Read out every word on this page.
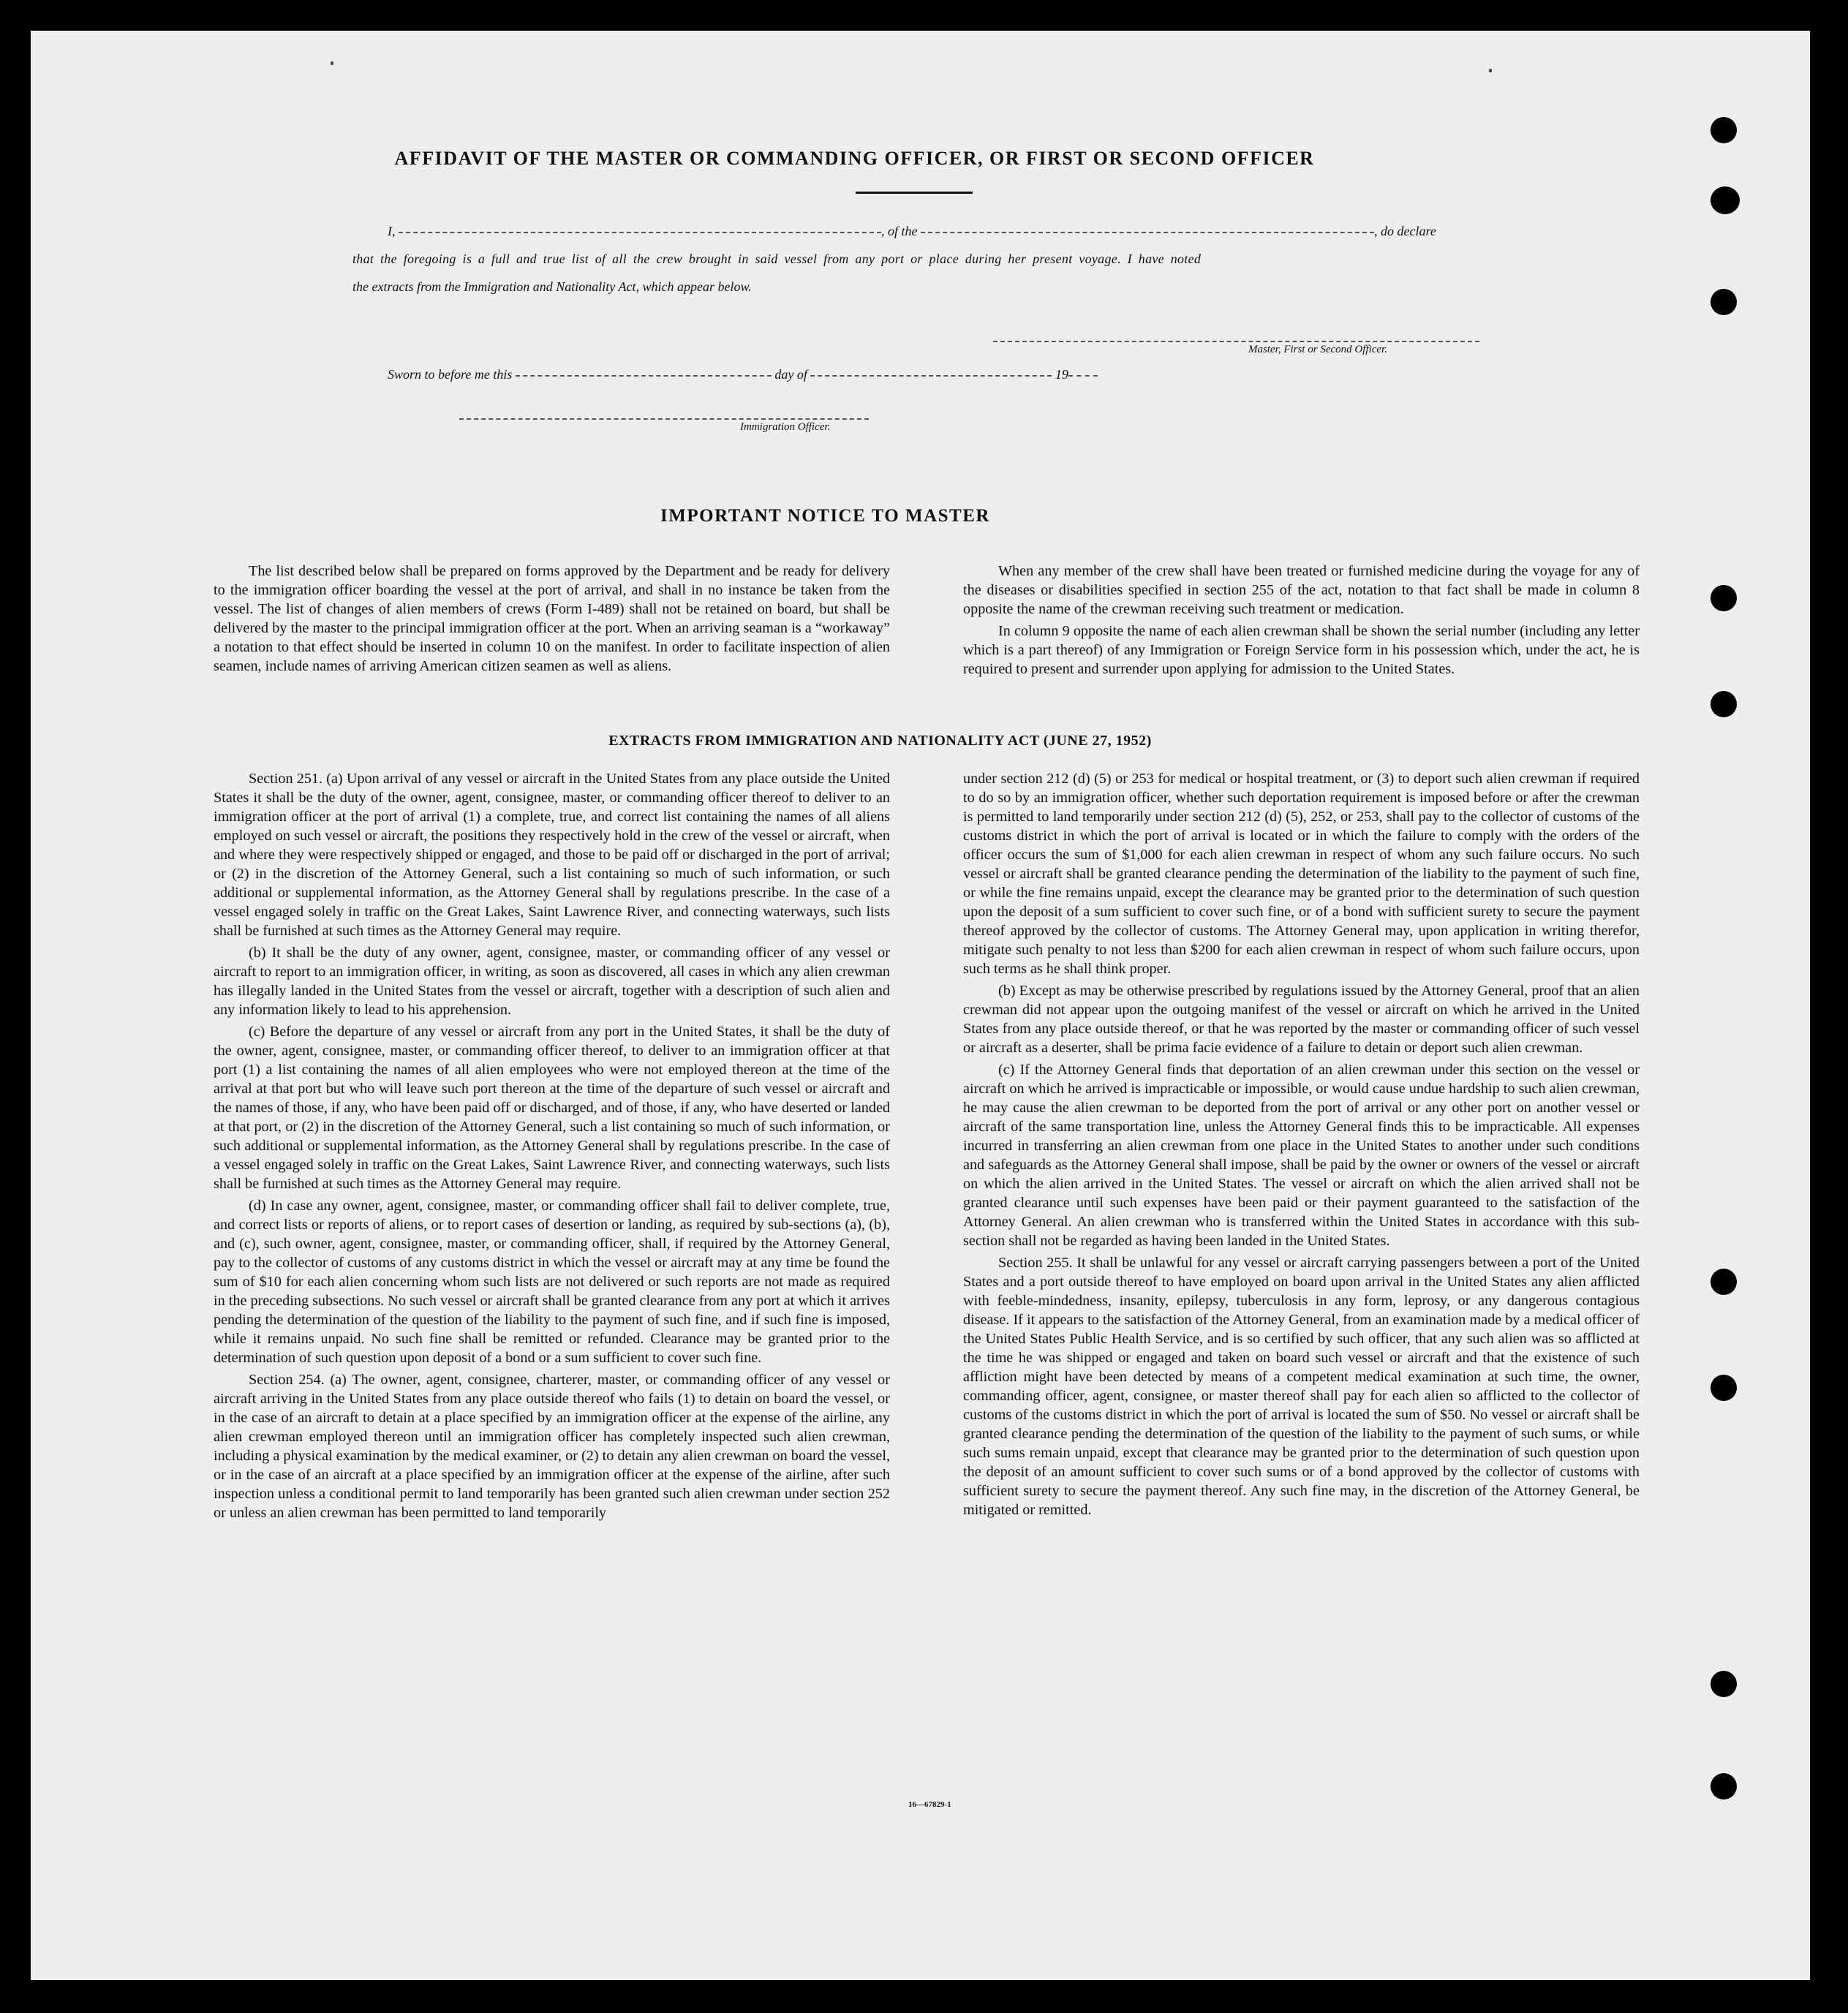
AFFIDAVIT OF THE MASTER OR COMMANDING OFFICER, OR FIRST OR SECOND OFFICER
I,	, of the	, do declare
that the foregoing is a full and true list of all the crew brought in said vessel from any port or place during her present voyage. I have noted
the extracts from the Immigration and Nationality Act, which appear below.
Master, First or Second Officer.
Sworn to before me this	day of	19
Immigration Officer.
IMPORTANT NOTICE TO MASTER

The list described below shall be prepared on forms approved by the Department and be ready for delivery to the immigration officer boarding the vessel at the port of arrival, and shall in no instance be taken from the vessel. The list of changes of alien members of crews (Form I-489) shall not be retained on board, but shall be delivered by the master to the principal immigration officer at the port. When an arriving seaman is a “workaway” a notation to that effect should be inserted in column 10 on the manifest. In order to facilitate inspection of alien seamen, include names of arriving American citizen seamen as well as aliens.

When any member of the crew shall have been treated or furnished medicine during the voyage for any of the diseases or disabilities specified in section 255 of the act, notation to that fact shall be made in column 8 opposite the name of the crewman receiving such treatment or medication.

In column 9 opposite the name of each alien crewman shall be shown the serial number (including any letter which is a part thereof) of any Immigration or Foreign Service form in his possession which, under the act, he is required to present and surrender upon applying for admission to the United States.

EXTRACTS FROM IMMIGRATION AND NATIONALITY ACT (JUNE 27, 1952)

Section 251. (a) Upon arrival of any vessel or aircraft in the United States from any place outside the United States it shall be the duty of the owner, agent, consignee, master, or commanding officer thereof to deliver to an immigration officer at the port of arrival (1) a complete, true, and correct list containing the names of all aliens employed on such vessel or aircraft, the positions they respectively hold in the crew of the vessel or aircraft, when and where they were respectively shipped or engaged, and those to be paid off or discharged in the port of arrival; or (2) in the discretion of the Attorney General, such a list containing so much of such information, or such additional or supplemental information, as the Attorney General shall by regulations prescribe. In the case of a vessel engaged solely in traffic on the Great Lakes, Saint Lawrence River, and connecting waterways, such lists shall be furnished at such times as the Attorney General may require.

(b) It shall be the duty of any owner, agent, consignee, master, or commanding officer of any vessel or aircraft to report to an immigration officer, in writing, as soon as discovered, all cases in which any alien crewman has illegally landed in the United States from the vessel or aircraft, together with a description of such alien and any information likely to lead to his apprehension.

(c) Before the departure of any vessel or aircraft from any port in the United States, it shall be the duty of the owner, agent, consignee, master, or commanding officer thereof, to deliver to an immigration officer at that port (1) a list containing the names of all alien employees who were not employed thereon at the time of the arrival at that port but who will leave such port thereon at the time of the departure of such vessel or aircraft and the names of those, if any, who have been paid off or discharged, and of those, if any, who have deserted or landed at that port, or (2) in the discretion of the Attorney General, such a list containing so much of such information, or such additional or supplemental information, as the Attorney General shall by regulations prescribe. In the case of a vessel engaged solely in traffic on the Great Lakes, Saint Lawrence River, and connecting waterways, such lists shall be furnished at such times as the Attorney General may require.

(d) In case any owner, agent, consignee, master, or commanding officer shall fail to deliver complete, true, and correct lists or reports of aliens, or to report cases of desertion or landing, as required by sub-sections (a), (b), and (c), such owner, agent, consignee, master, or commanding officer, shall, if required by the Attorney General, pay to the collector of customs of any customs district in which the vessel or aircraft may at any time be found the sum of $10 for each alien concerning whom such lists are not delivered or such reports are not made as required in the preceding subsections. No such vessel or aircraft shall be granted clearance from any port at which it arrives pending the determination of the question of the liability to the payment of such fine, and if such fine is imposed, while it remains unpaid. No such fine shall be remitted or refunded. Clearance may be granted prior to the determination of such question upon deposit of a bond or a sum sufficient to cover such fine.

Section 254. (a) The owner, agent, consignee, charterer, master, or commanding officer of any vessel or aircraft arriving in the United States from any place outside thereof who fails (1) to detain on board the vessel, or in the case of an aircraft to detain at a place specified by an immigration officer at the expense of the airline, any alien crewman employed thereon until an immigration officer has completely inspected such alien crewman, including a physical examination by the medical examiner, or (2) to detain any alien crewman on board the vessel, or in the case of an aircraft at a place specified by an immigration officer at the expense of the airline, after such inspection unless a conditional permit to land temporarily has been granted such alien crewman under section 252 or unless an alien crewman has been permitted to land temporarily

under section 212 (d) (5) or 253 for medical or hospital treatment, or (3) to deport such alien crewman if required to do so by an immigration officer, whether such deportation requirement is imposed before or after the crewman is permitted to land temporarily under section 212 (d) (5), 252, or 253, shall pay to the collector of customs of the customs district in which the port of arrival is located or in which the failure to comply with the orders of the officer occurs the sum of $1,000 for each alien crewman in respect of whom any such failure occurs. No such vessel or aircraft shall be granted clearance pending the determination of the liability to the payment of such fine, or while the fine remains unpaid, except the clearance may be granted prior to the determination of such question upon the deposit of a sum sufficient to cover such fine, or of a bond with sufficient surety to secure the payment thereof approved by the collector of customs. The Attorney General may, upon application in writing therefor, mitigate such penalty to not less than $200 for each alien crewman in respect of whom such failure occurs, upon such terms as he shall think proper.

(b) Except as may be otherwise prescribed by regulations issued by the Attorney General, proof that an alien crewman did not appear upon the outgoing manifest of the vessel or aircraft on which he arrived in the United States from any place outside thereof, or that he was reported by the master or commanding officer of such vessel or aircraft as a deserter, shall be prima facie evidence of a failure to detain or deport such alien crewman.

(c) If the Attorney General finds that deportation of an alien crewman under this section on the vessel or aircraft on which he arrived is impracticable or impossible, or would cause undue hardship to such alien crewman, he may cause the alien crewman to be deported from the port of arrival or any other port on another vessel or aircraft of the same transportation line, unless the Attorney General finds this to be impracticable. All expenses incurred in transferring an alien crewman from one place in the United States to another under such conditions and safeguards as the Attorney General shall impose, shall be paid by the owner or owners of the vessel or aircraft on which the alien arrived in the United States. The vessel or aircraft on which the alien arrived shall not be granted clearance until such expenses have been paid or their payment guaranteed to the satisfaction of the Attorney General. An alien crewman who is transferred within the United States in accordance with this sub-section shall not be regarded as having been landed in the United States.

Section 255. It shall be unlawful for any vessel or aircraft carrying passengers between a port of the United States and a port outside thereof to have employed on board upon arrival in the United States any alien afflicted with feeble-mindedness, insanity, epilepsy, tuberculosis in any form, leprosy, or any dangerous contagious disease. If it appears to the satisfaction of the Attorney General, from an examination made by a medical officer of the United States Public Health Service, and is so certified by such officer, that any such alien was so afflicted at the time he was shipped or engaged and taken on board such vessel or aircraft and that the existence of such affliction might have been detected by means of a competent medical examination at such time, the owner, commanding officer, agent, consignee, or master thereof shall pay for each alien so afflicted to the collector of customs of the customs district in which the port of arrival is located the sum of $50. No vessel or aircraft shall be granted clearance pending the determination of the question of the liability to the payment of such sums, or while such sums remain unpaid, except that clearance may be granted prior to the determination of such question upon the deposit of an amount sufficient to cover such sums or of a bond approved by the collector of customs with sufficient surety to secure the payment thereof. Any such fine may, in the discretion of the Attorney General, be mitigated or remitted.

16—67829-1
